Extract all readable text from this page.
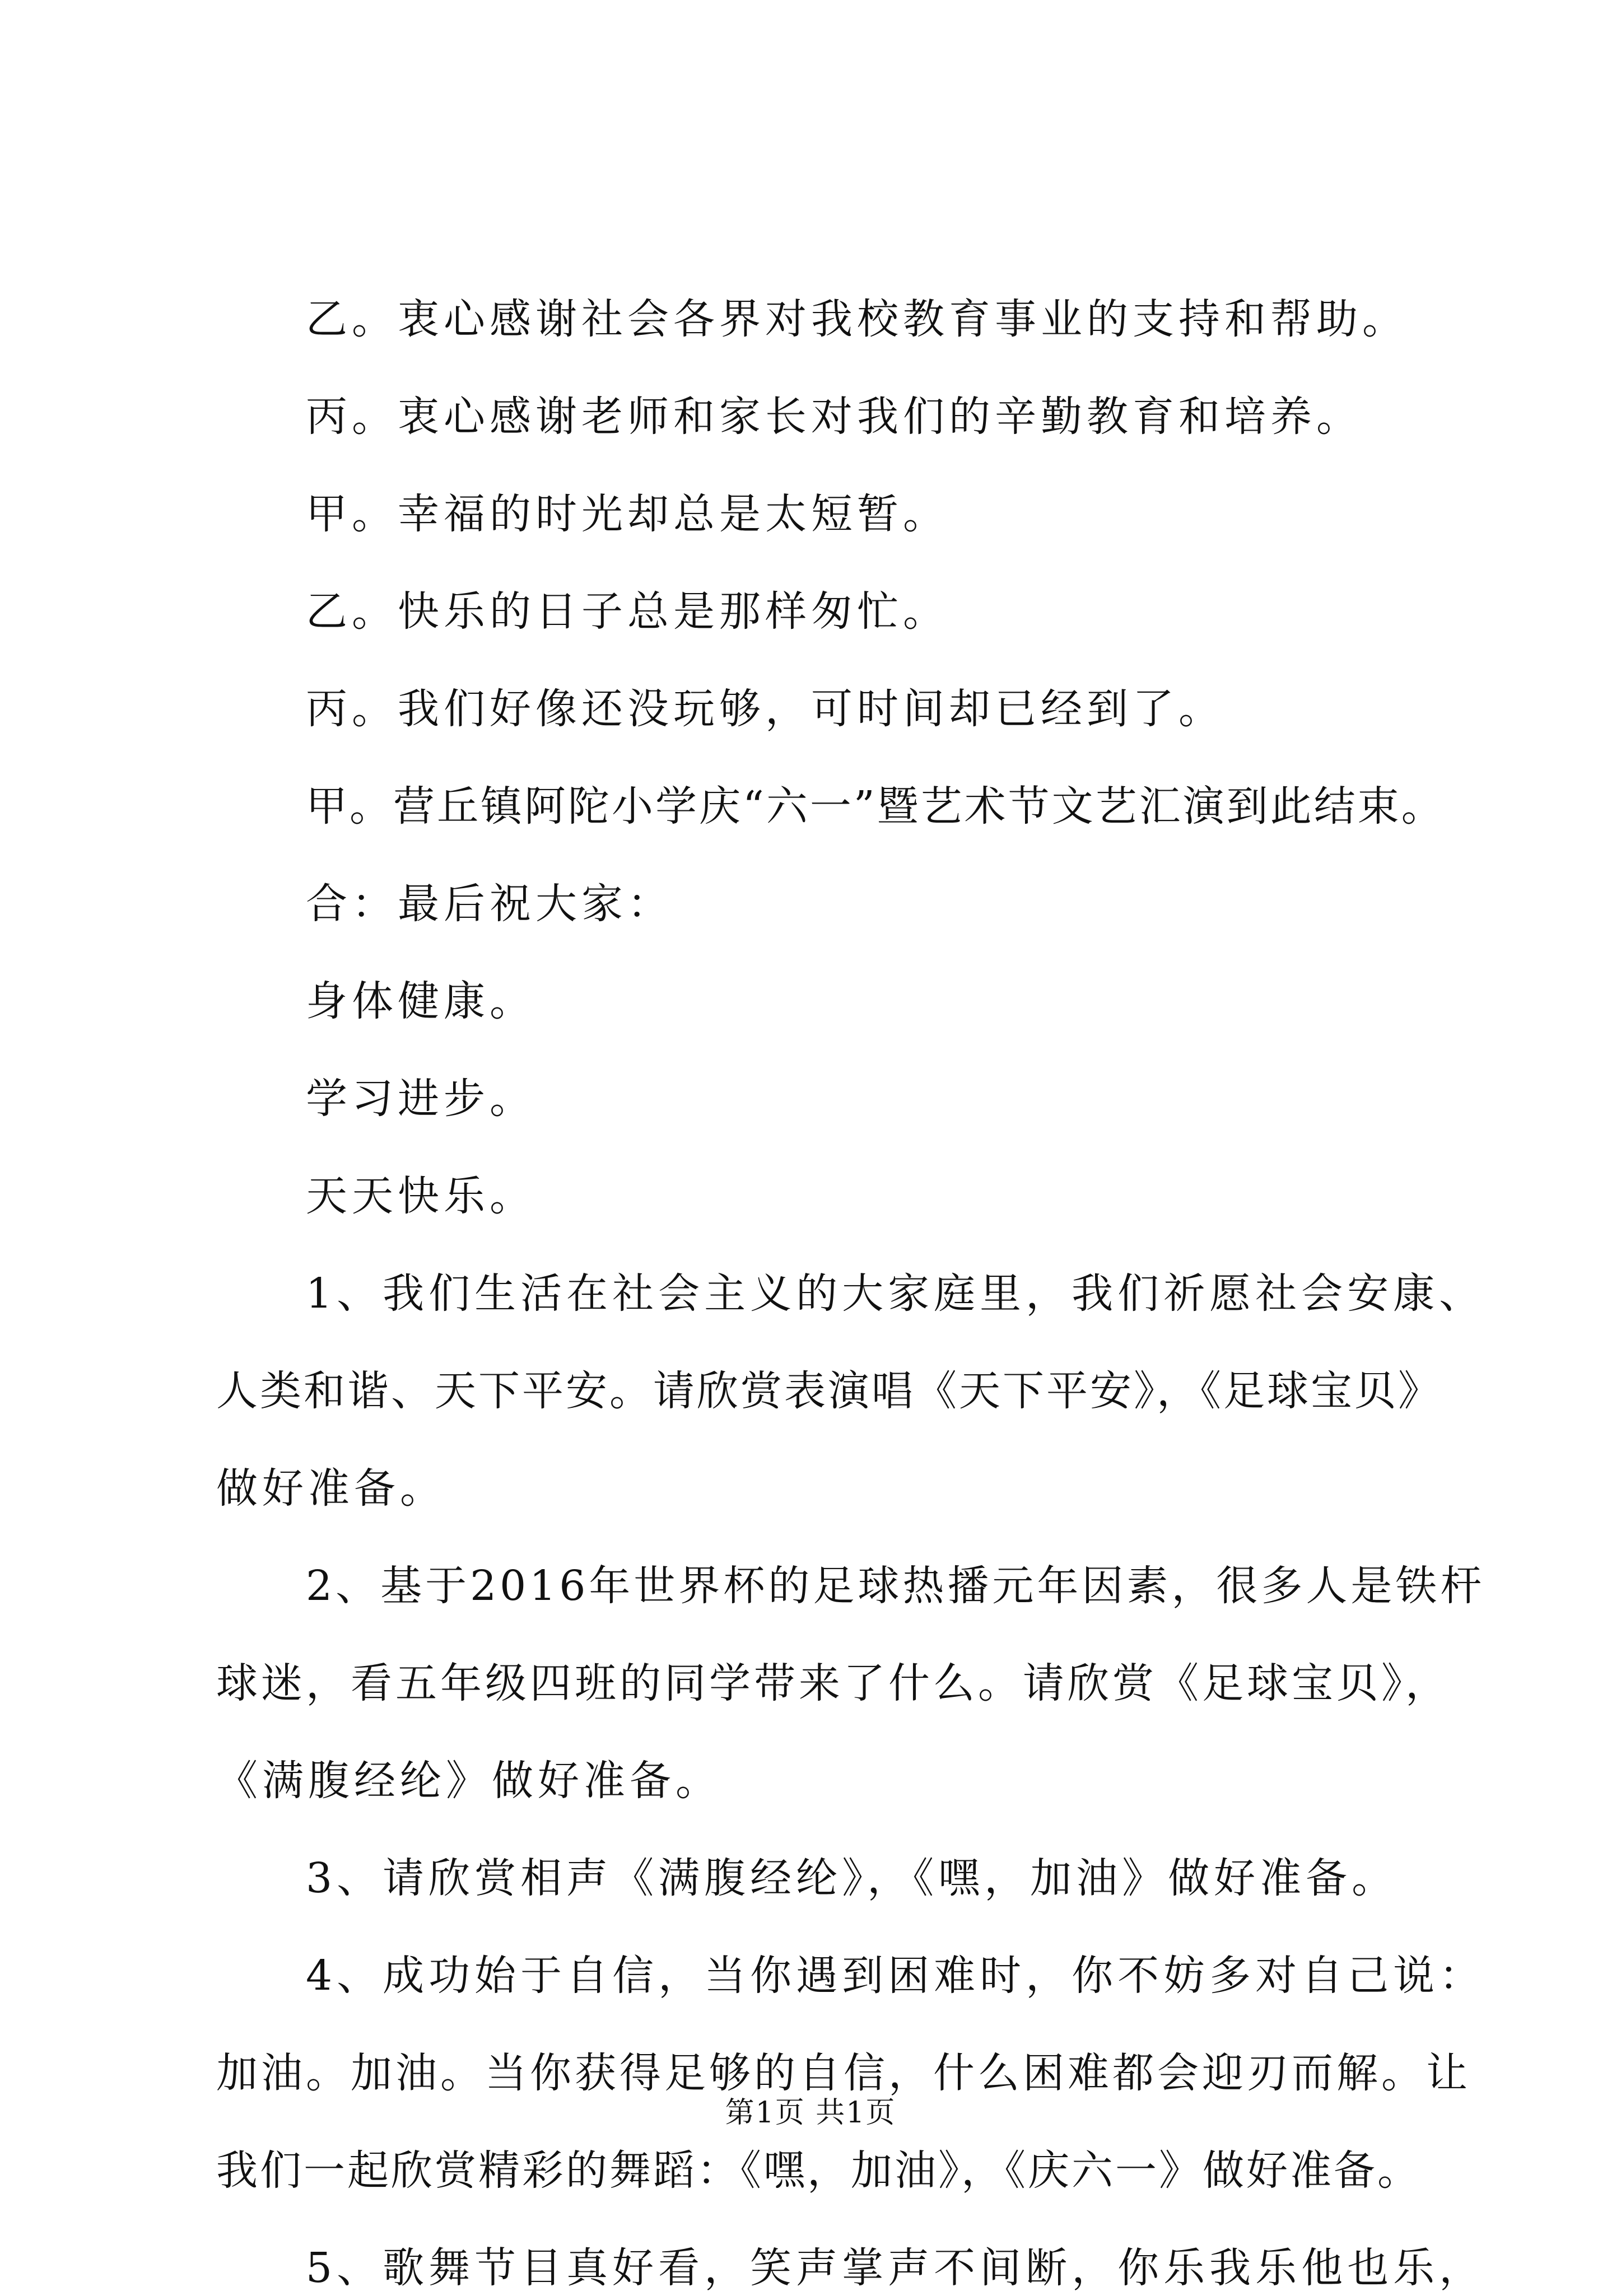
乙。衷心感谢社会各界对我校教育事业的支持和帮助。
丙。衷心感谢老师和家长对我们的辛勤教育和培养。
甲。幸福的时光却总是太短暂。
乙。快乐的日子总是那样匆忙。
丙。我们好像还没玩够，可时间却已经到了。
甲。营丘镇阿陀小学庆“六一”暨艺术节文艺汇演到此结束。
合：最后祝大家：
身体健康。
学习进步。
天天快乐。
1、我们生活在社会主义的大家庭里，我们祈愿社会安康、
人类和谐、天下平安。请欣赏表演唱《天下平安》，《足球宝贝》
做好准备。
2、基于2016年世界杯的足球热播元年因素，很多人是铁杆
球迷，看五年级四班的同学带来了什么。请欣赏《足球宝贝》，
《满腹经纶》做好准备。
3、请欣赏相声《满腹经纶》，《嘿，加油》做好准备。
4、成功始于自信，当你遇到困难时，你不妨多对自己说：
加油。加油。当你获得足够的自信，什么困难都会迎刃而解。让
我们一起欣赏精彩的舞蹈：《嘿，加油》，《庆六一》做好准备。
5、歌舞节目真好看，笑声掌声不间断，你乐我乐他也乐，
第1页 共1页
